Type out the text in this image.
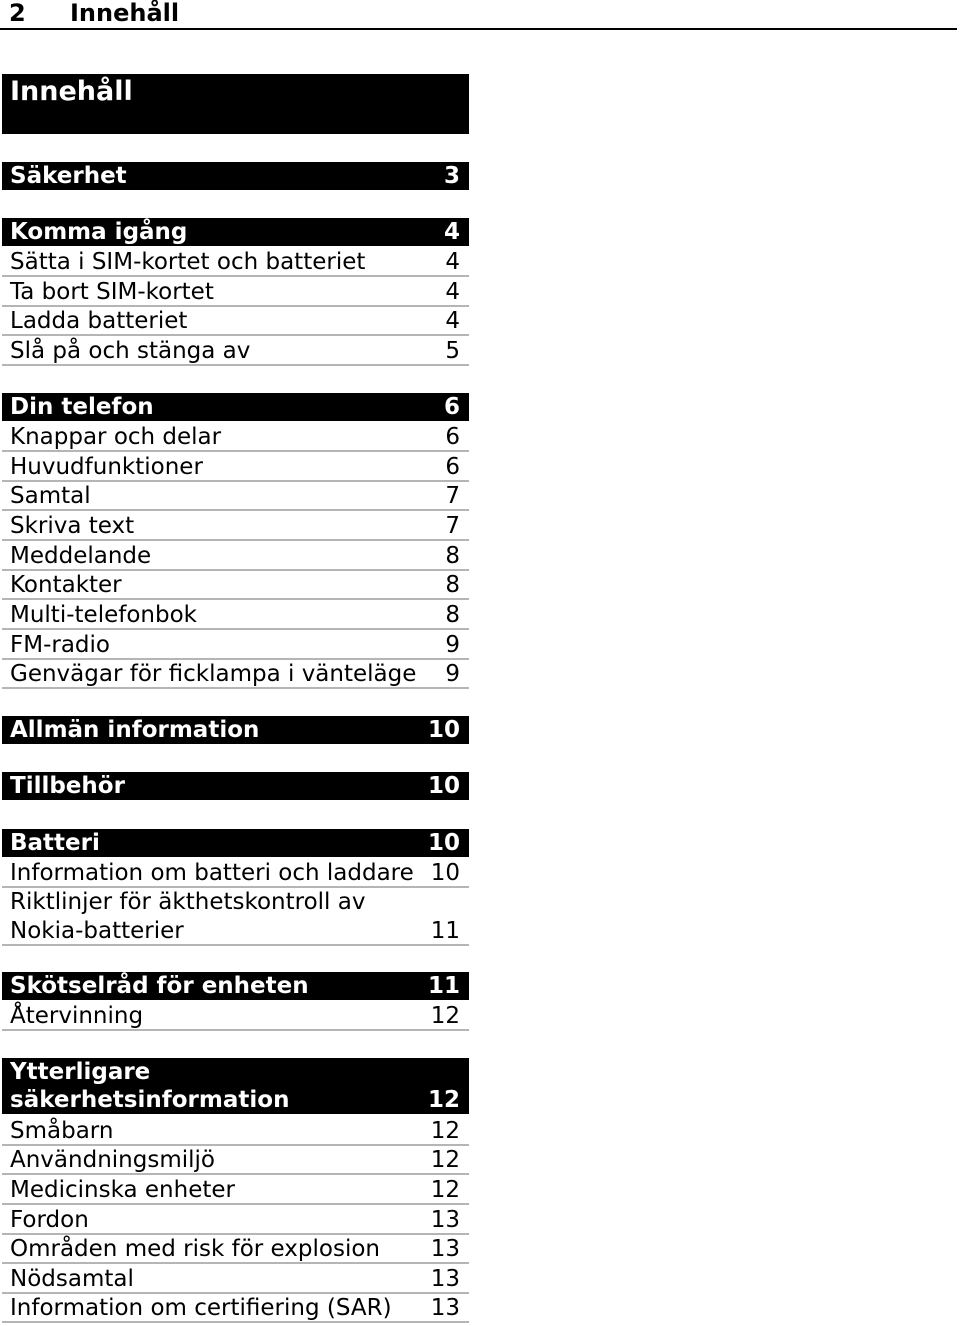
2 Innehåll
Innehåll
Säkerhet	3
Komma igång	4
Sätta i SIM-kortet och batteriet	4
Ta bort SIM-kortet	4
Ladda batteriet	4
Slå på och stänga av	5
Din telefon	6
Knappar och delar	6
Huvudfunktioner	6
Samtal	7
Skriva text	7
Meddelande	8
Kontakter	8
Multi-telefonbok	8
FM-radio	9
Genvägar för ficklampa i vänteläge 9
Allmän information	10
Tillbehör	10
Batteri	10
Information om batteri och laddare 10
Riktlinjer för äkthetskontroll av Nokia-batterier	11
Skötselråd för enheten	11
Återvinning	12
Ytterligare säkerhetsinformation	12
Småbarn	12
Användningsmiljö	12
Medicinska enheter	12
Fordon	13
Områden med risk för explosion 13
Nödsamtal	13
Information om certifiering (SAR) 13
